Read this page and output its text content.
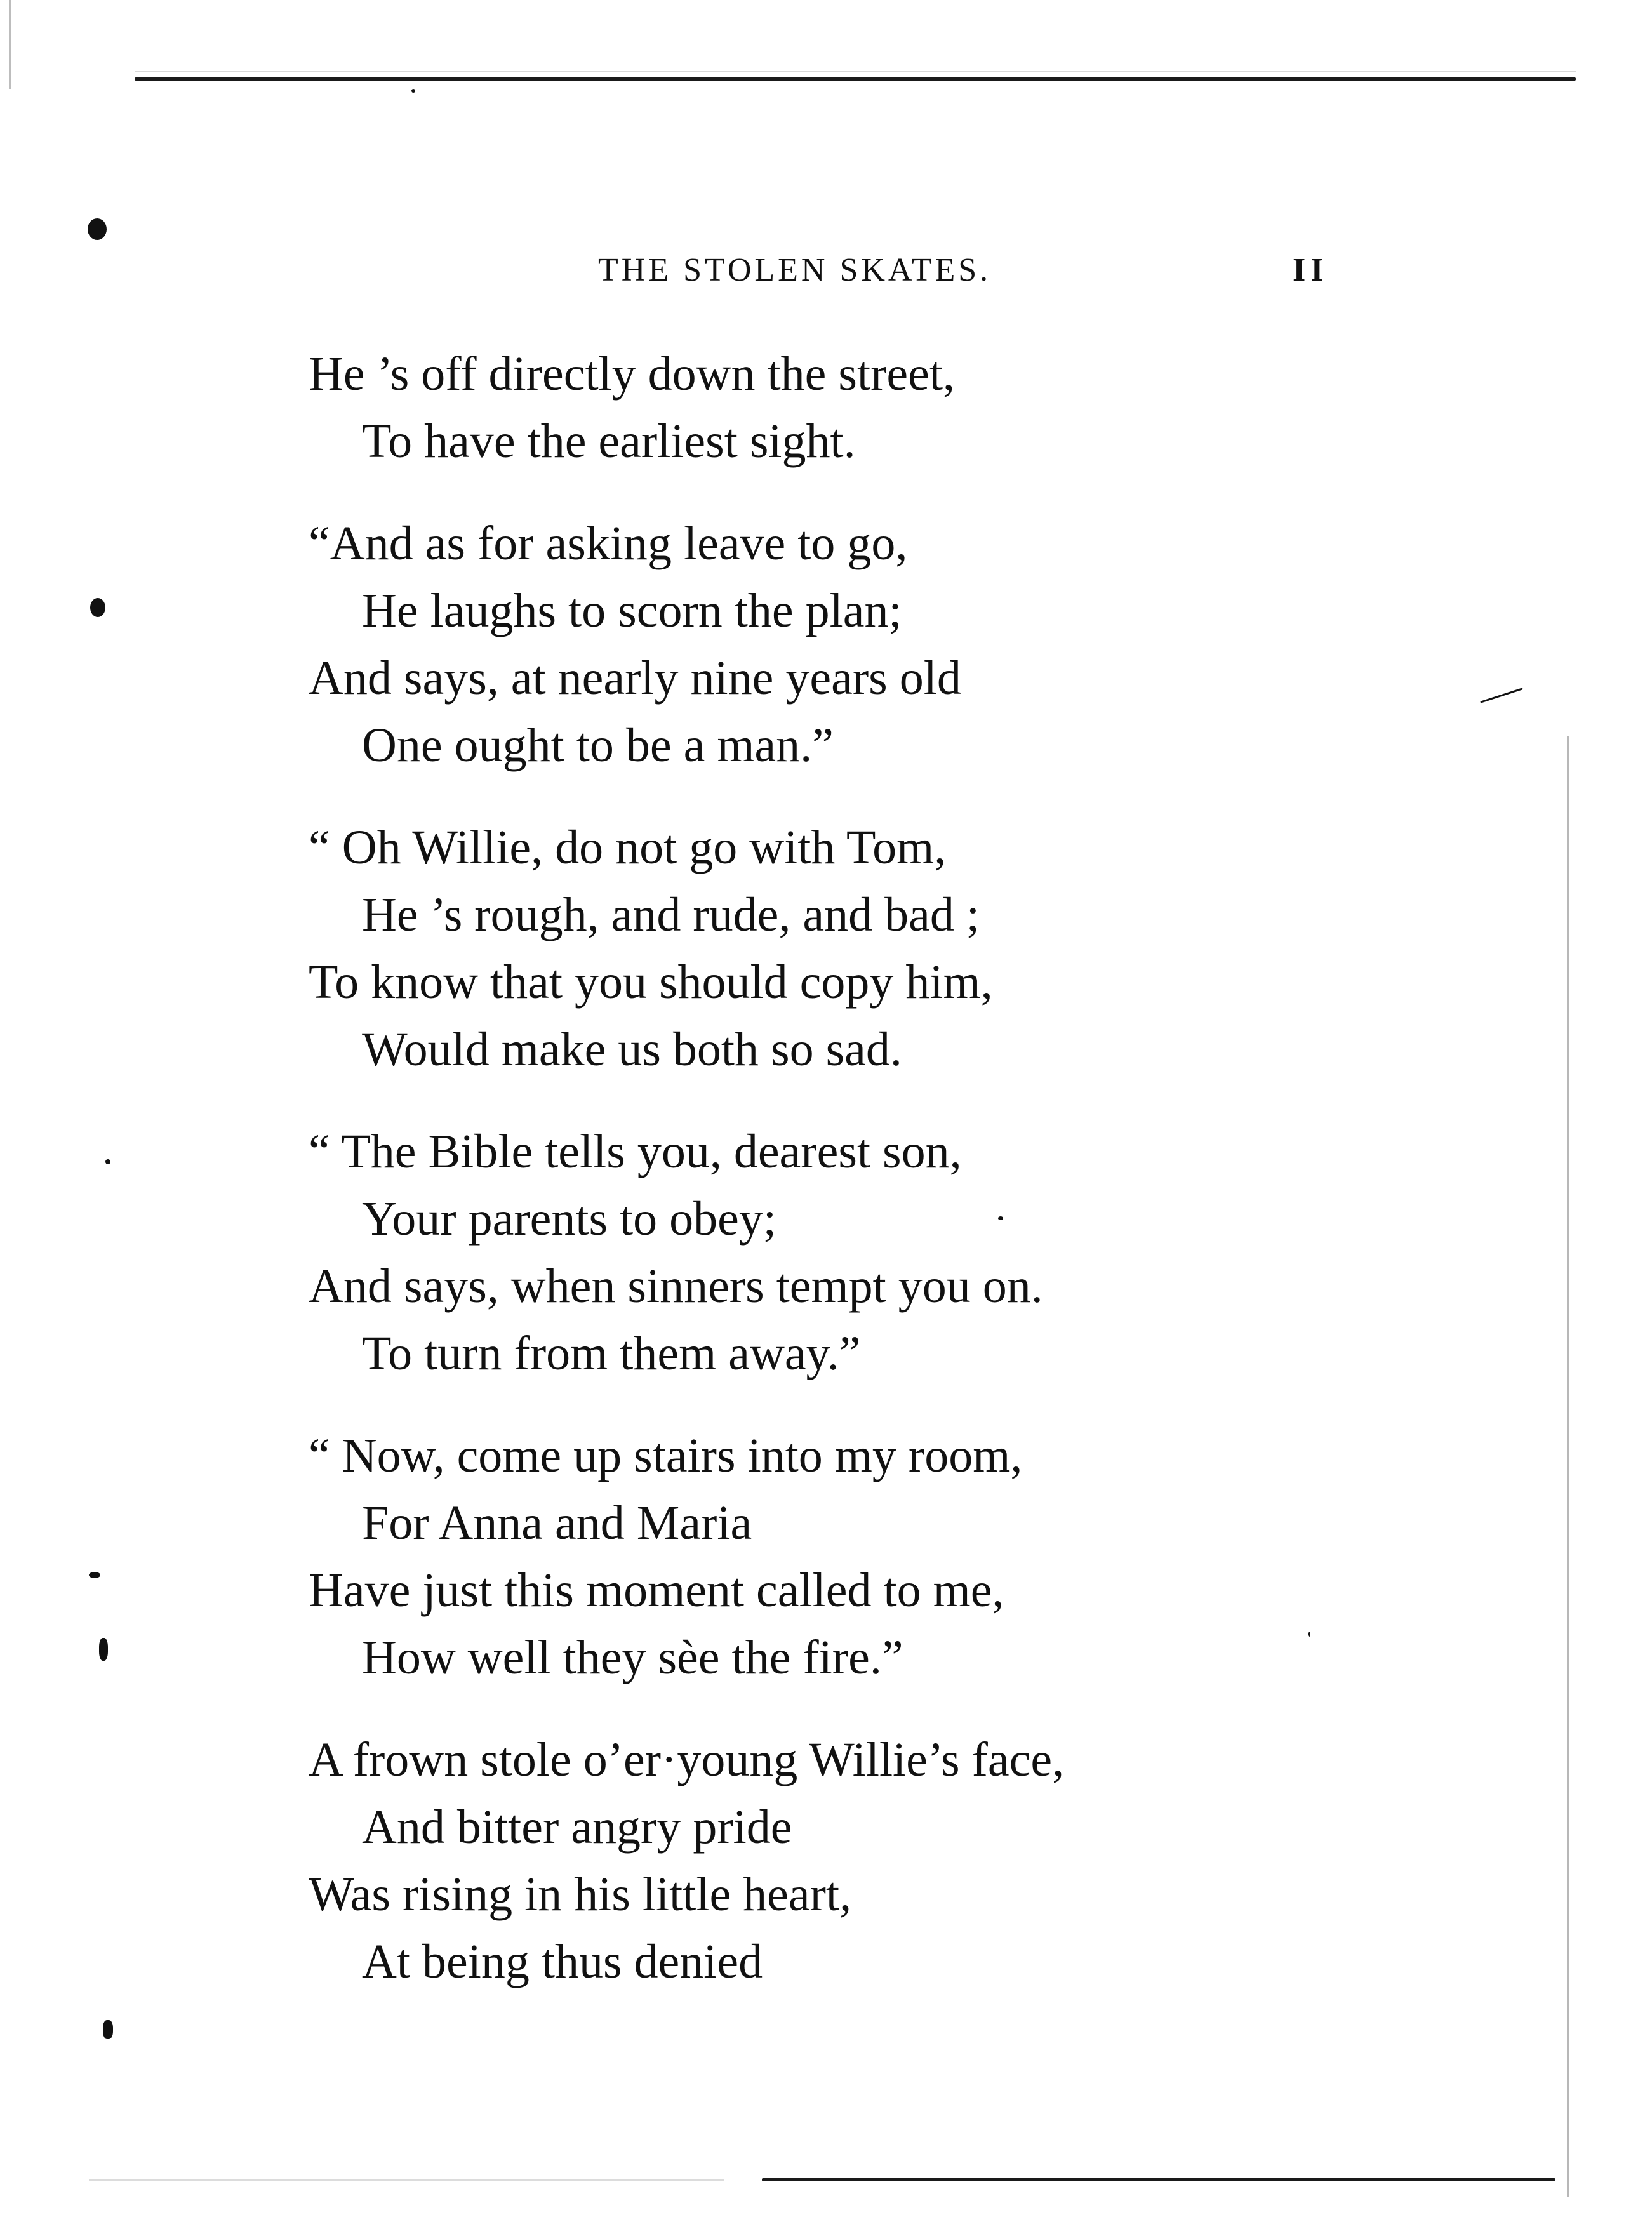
THE STOLEN SKATES.	II
He ’s off directly down the street,
To have the earliest sight.
“And as for asking leave to go,
He laughs to scorn the plan;
And says, at nearly nine years old
One ought to be a man.”
“ Oh Willie, do not go with Tom,
He ’s rough, and rude, and bad ;
To know that you should copy him,
Would make us both so sad.
“ The Bible tells you, dearest son,
Your parents to obey;
And says, when sinners tempt you on.
To turn from them away.”
“ Now, come up stairs into my room,
For Anna and Maria
Have just this moment called to me,
How well they sèe the fire.”
A frown stole o’er·young Willie’s face,
And bitter angry pride
Was rising in his little heart,
At being thus denied
